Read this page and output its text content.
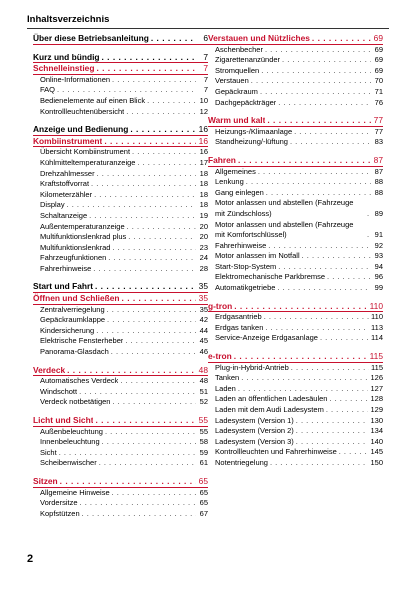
Inhaltsverzeichnis
Über diese Betriebsanleitung . . .	6
Kurz und bündig . . .	7
Schnelleinstieg . . .	7
Online-Informationen . . .	7
FAQ . . .	7
Bedienelemente auf einen Blick . . .	10
Kontrollleuchtenübersicht . . .	12
Anzeige und Bedienung . . .	16
Kombiinstrument . . .	16
Übersicht Kombiinstrument . . .	16
Kühlmitteltemperaturanzeige . . .	17
Drehzahlmesser . . .	18
Kraftstoffvorrat . . .	18
Kilometerzähler . . .	18
Display . . .	18
Schaltanzeige . . .	19
Außentemperaturanzeige . . .	20
Multifunktionslenkrad plus . . .	20
Multifunktionslenkrad . . .	23
Fahrzeugfunktionen . . .	24
Fahrerhinweise . . .	28
Start und Fahrt . . .	35
Öffnen und Schließen . . .	35
Zentralverriegelung . . .	35
Gepäckraumklappe . . .	42
Kindersicherung . . .	44
Elektrische Fensterheber . . .	45
Panorama-Glasdach . . .	46
Verdeck . . .	48
Automatisches Verdeck . . .	48
Windschott . . .	51
Verdeck notbetätigen . . .	52
Licht und Sicht . . .	55
Außenbeleuchtung . . .	55
Innenbeleuchtung . . .	58
Sicht . . .	59
Scheibenwischer . . .	61
Sitzen . . .	65
Allgemeine Hinweise . . .	65
Vordersitze . . .	65
Kopfstützen . . .	67
Verstauen und Nützliches . . .	69
Aschenbecher . . .	69
Zigarettenanzünder . . .	69
Stromquellen . . .	69
Verstauen . . .	70
Gepäckraum . . .	71
Dachgepäckträger . . .	76
Warm und kalt . . .	77
Heizungs-/Klimaanlage . . .	77
Standheizung/-lüftung . . .	83
Fahren . . .	87
Allgemeines . . .	87
Lenkung . . .	88
Gang einlegen . . .	88
Motor anlassen und abstellen (Fahrzeuge mit Zündschloss) . . .	89
Motor anlassen und abstellen (Fahrzeuge mit Komfortschlüssel) . . .	91
Fahrerhinweise . . .	92
Motor anlassen im Notfall . . .	93
Start-Stop-System . . .	94
Elektromechanische Parkbremse . . .	96
Automatikgetriebe . . .	99
g-tron . . .	110
Erdgasantrieb . . .	110
Erdgas tanken . . .	113
Service-Anzeige Erdgasanlage . . .	114
e-tron . . .	115
Plug-in-Hybrid-Antrieb . . .	115
Tanken . . .	126
Laden . . .	127
Laden an öffentlichen Ladesäulen . . .	128
Laden mit dem Audi Ladesystem . . .	129
Ladesystem (Version 1) . . .	130
Ladesystem (Version 2) . . .	134
Ladesystem (Version 3) . . .	140
Kontrollleuchten und Fahrerhinweise . . .	145
Notentriegelung . . .	150
2
